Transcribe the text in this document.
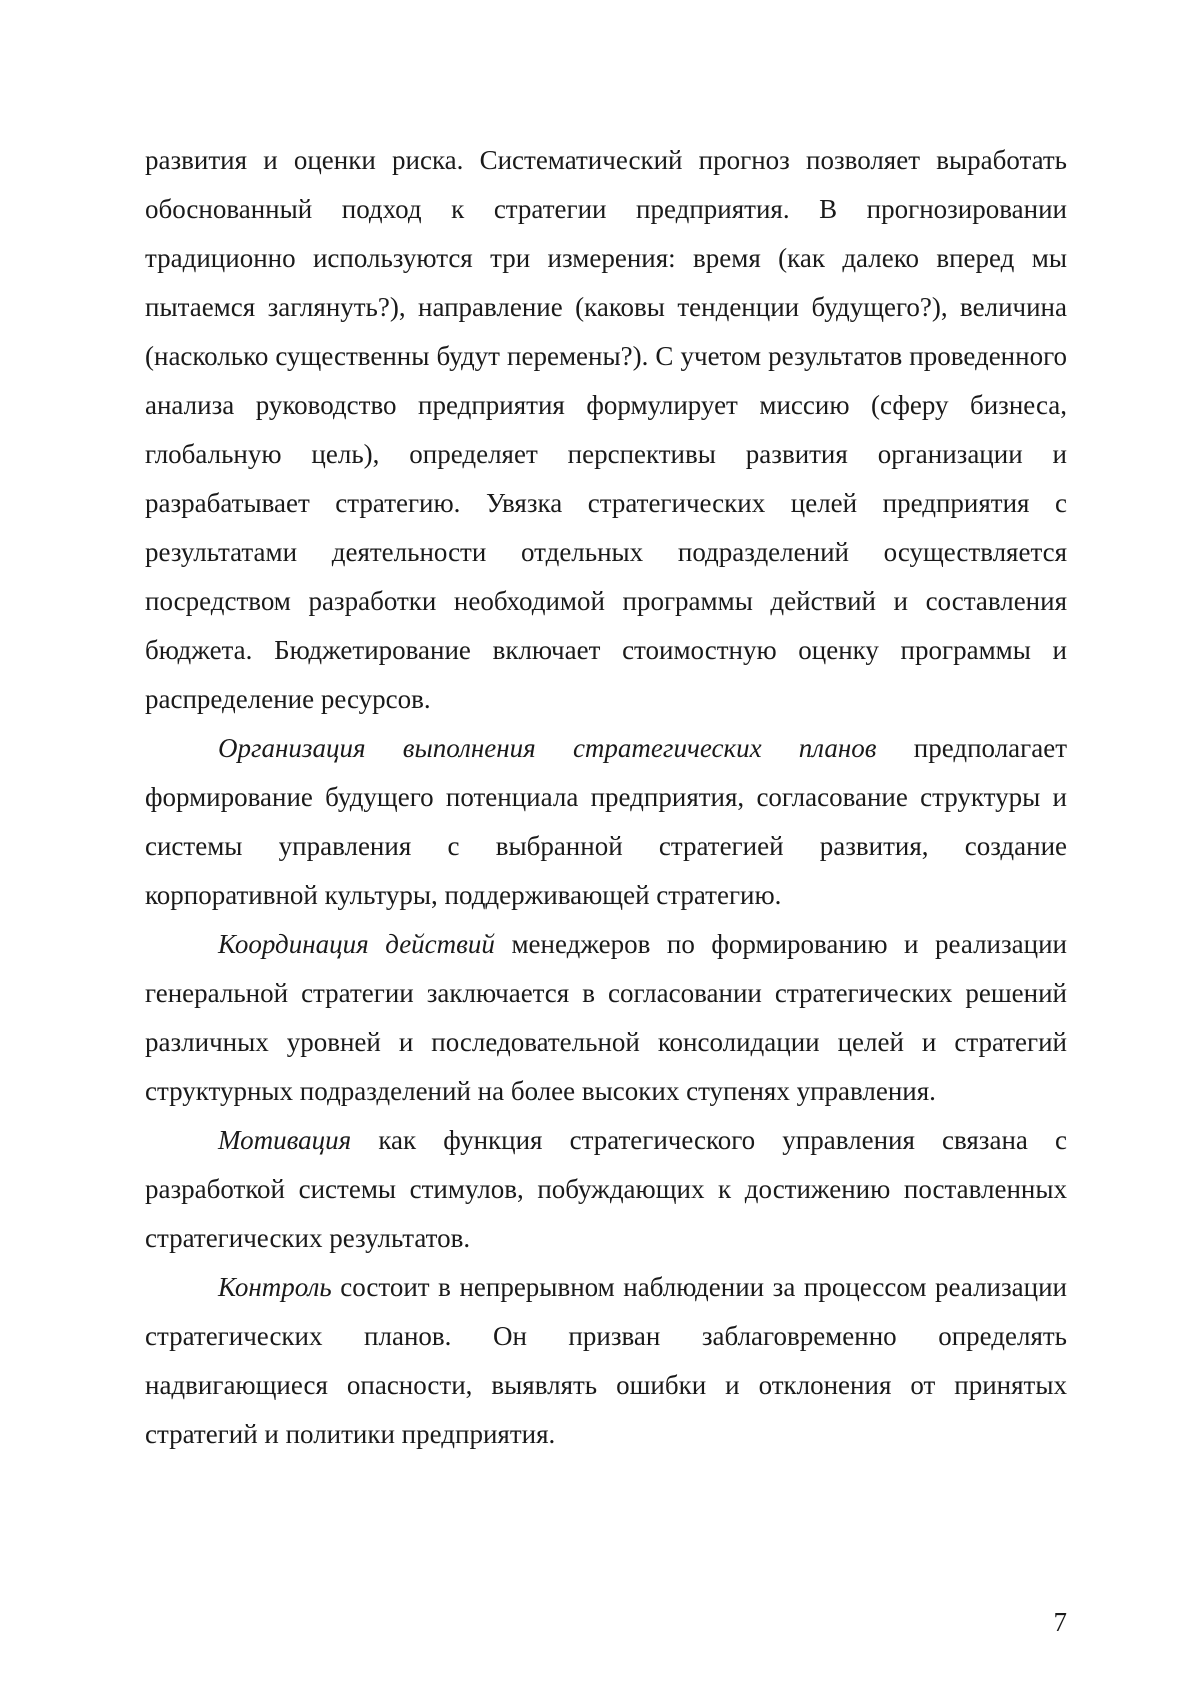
развития и оценки риска. Систематический прогноз позволяет выработать обоснованный подход к стратегии предприятия. В прогнозировании традиционно используются три измерения: время (как далеко вперед мы пытаемся заглянуть?), направление (каковы тенденции будущего?), величина (насколько существенны будут перемены?). С учетом результатов проведенного анализа руководство предприятия формулирует миссию (сферу бизнеса, глобальную цель), определяет перспективы развития организации и разрабатывает стратегию. Увязка стратегических целей предприятия с результатами деятельности отдельных подразделений осуществляется посредством разработки необходимой программы действий и составления бюджета. Бюджетирование включает стоимостную оценку программы и распределение ресурсов.

Организация выполнения стратегических планов предполагает формирование будущего потенциала предприятия, согласование структуры и системы управления с выбранной стратегией развития, создание корпоративной культуры, поддерживающей стратегию.

Координация действий менеджеров по формированию и реализации генеральной стратегии заключается в согласовании стратегических решений различных уровней и последовательной консолидации целей и стратегий структурных подразделений на более высоких ступенях управления.

Мотивация как функция стратегического управления связана с разработкой системы стимулов, побуждающих к достижению поставленных стратегических результатов.

Контроль состоит в непрерывном наблюдении за процессом реализации стратегических планов. Он призван заблаговременно определять надвигающиеся опасности, выявлять ошибки и отклонения от принятых стратегий и политики предприятия.

7
